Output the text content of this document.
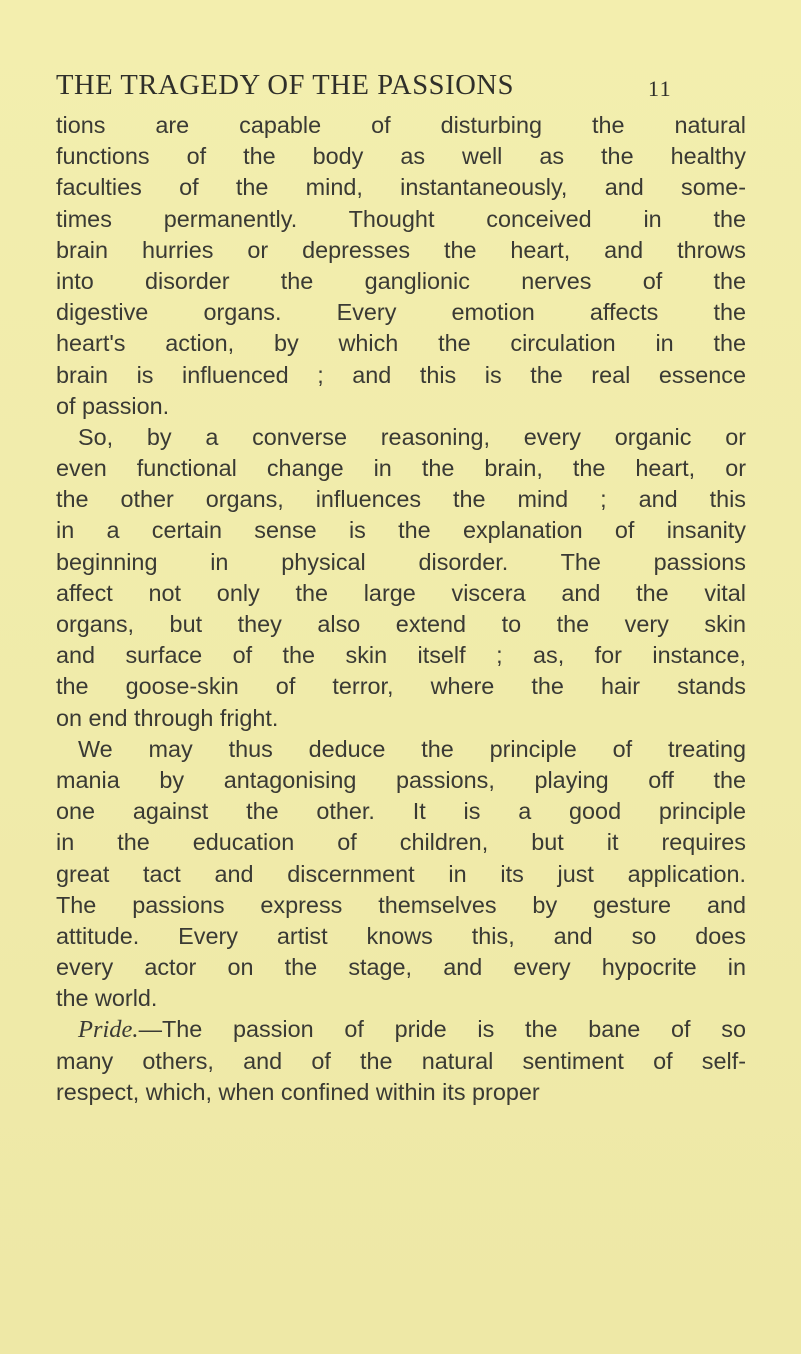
THE TRAGEDY OF THE PASSIONS	11
tions are capable of disturbing the natural
functions of the body as well as the healthy
faculties of the mind, instantaneously, and some-
times permanently. Thought conceived in the
brain hurries or depresses the heart, and throws
into disorder the ganglionic nerves of the
digestive organs. Every emotion affects the
heart's action, by which the circulation in the
brain is influenced ; and this is the real essence
of passion.
So, by a converse reasoning, every organic or
even functional change in the brain, the heart, or
the other organs, influences the mind ; and this
in a certain sense is the explanation of insanity
beginning in physical disorder. The passions
affect not only the large viscera and the vital
organs, but they also extend to the very skin
and surface of the skin itself ; as, for instance,
the goose-skin of terror, where the hair stands
on end through fright.
We may thus deduce the principle of treating
mania by antagonising passions, playing off the
one against the other. It is a good principle
in the education of children, but it requires
great tact and discernment in its just application.
The passions express themselves by gesture and
attitude. Every artist knows this, and so does
every actor on the stage, and every hypocrite in
the world.
Pride.—The passion of pride is the bane of so
many others, and of the natural sentiment of self-
respect, which, when confined within its proper
